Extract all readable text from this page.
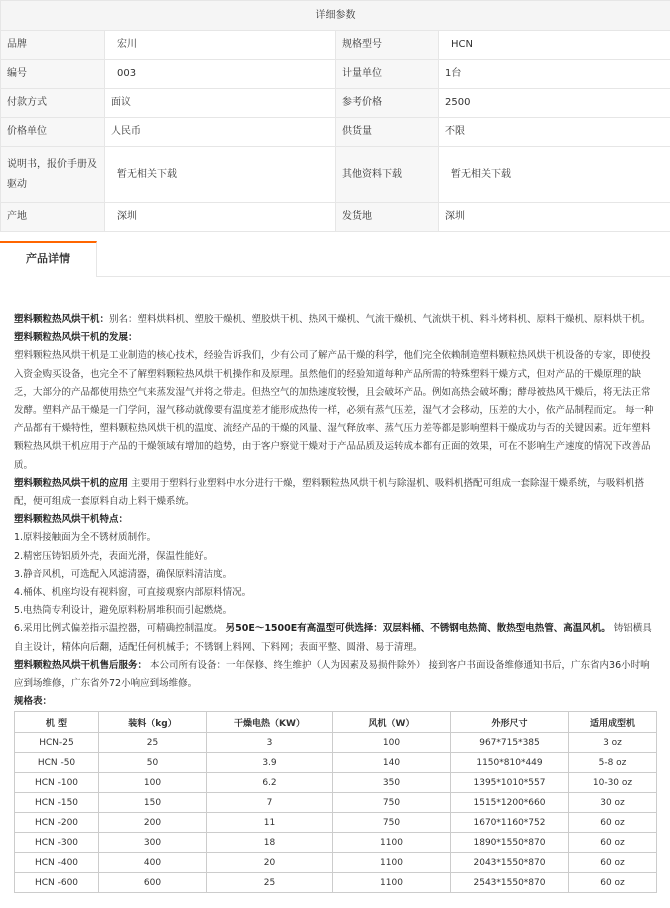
详细参数			
品牌	宏川	规格型号	HCN
编号	003	计量单位	1台
付款方式	面议	参考价格	2500
价格单位	人民币	供货量	不限
说明书，报价手册及驱动	暂无相关下载	其他资料下载	暂无相关下载
产地	深圳	发货地	深圳
产品详情

塑料颗粒热风烘干机：别名：塑料烘料机、塑胶干燥机、塑胶烘干机、热风干燥机、气流干燥机、气流烘干机、料斗烤料机、原料干燥机、原料烘干机。

塑料颗粒热风烘干机的发展：

塑料颗粒热风烘干机是工业制造的核心技术，经验告诉我们，少有公司了解产品干燥的科学，他们完全依赖制造塑料颗粒热风烘干机设备的专家，即使投入资金购买设备，也完全不了解塑料颗粒热风烘干机操作和及原理。虽然他们的经验知道每种产品所需的特殊塑料干燥方式，但对产品的干燥原理的缺乏，大部分的产品都使用热空气来蒸发湿气并将之带走。但热空气的加热速度较慢，且会破坏产品。例如高热会破坏酶；酵母被热风干燥后，将无法正常发酵。塑料产品干燥是一门学问，湿气移动就像要有温度差才能形成热传一样，必须有蒸气压差，湿气才会移动，压差的大小，依产品制程而定。 每一种产品都有干燥特性，塑料颗粒热风烘干机的温度、流经产品的干燥的风量、湿气释放率、蒸气压力差等都是影响塑料干燥成功与否的关键因素。近年塑料颗粒热风烘干机应用于产品的干燥领域有增加的趋势，由于客户察觉干燥对于产品品质及运转成本都有正面的效果，可在不影响生产速度的情况下改善品质。

塑料颗粒热风烘干机的应用 主要用于塑料行业塑料中水分进行干燥，塑料颗粒热风烘干机与除湿机、吸料机搭配可组成一套除湿干燥系统，与吸料机搭配，便可组成一套原料自动上料干燥系统。

塑料颗粒热风烘干机特点：

1.原料接触面为全不锈材质制作。

2.精密压铸铝质外壳，表面光滑，保温性能好。

3.静音风机，可选配入风滤清器，确保原料清洁度。

4.桶体、机座均设有视料窗，可直接观察内部原料情况。

5.电热筒专利设计，避免原料粉屑堆积而引起燃烧。

6.采用比例式偏差指示温控器，可精确控制温度。 另50E～1500E有高温型可供选择：双层料桶、不锈钢电热筒、散热型电热管、高温风机。 铸铝横具自主设计，精体向后翻，适配任何机械手；不锈钢上料网、下料网；表面平整、圆滑、易于清理。

塑料颗粒热风烘干机售后服务： 本公司所有设备：一年保修、终生维护（人为因素及易损件除外） 接到客户书面设备维修通知书后，广东省内36小时响应到场维修，广东省外72小响应到场维修。

规格表：

机 型	装料（kg）	干燥电热（KW）	风机（W）	外形尺寸	适用成型机
HCN-25	25	3	100	967*715*385	3 oz
HCN -50	50	3.9	140	1150*810*449	5-8 oz
HCN -100	100	6.2	350	1395*1010*557	10-30 oz
HCN -150	150	7	750	1515*1200*660	30 oz
HCN -200	200	11	750	1670*1160*752	60 oz
HCN -300	300	18	1100	1890*1550*870	60 oz
HCN -400	400	20	1100	2043*1550*870	60 oz
HCN -600	600	25	1100	2543*1550*870	60 oz
